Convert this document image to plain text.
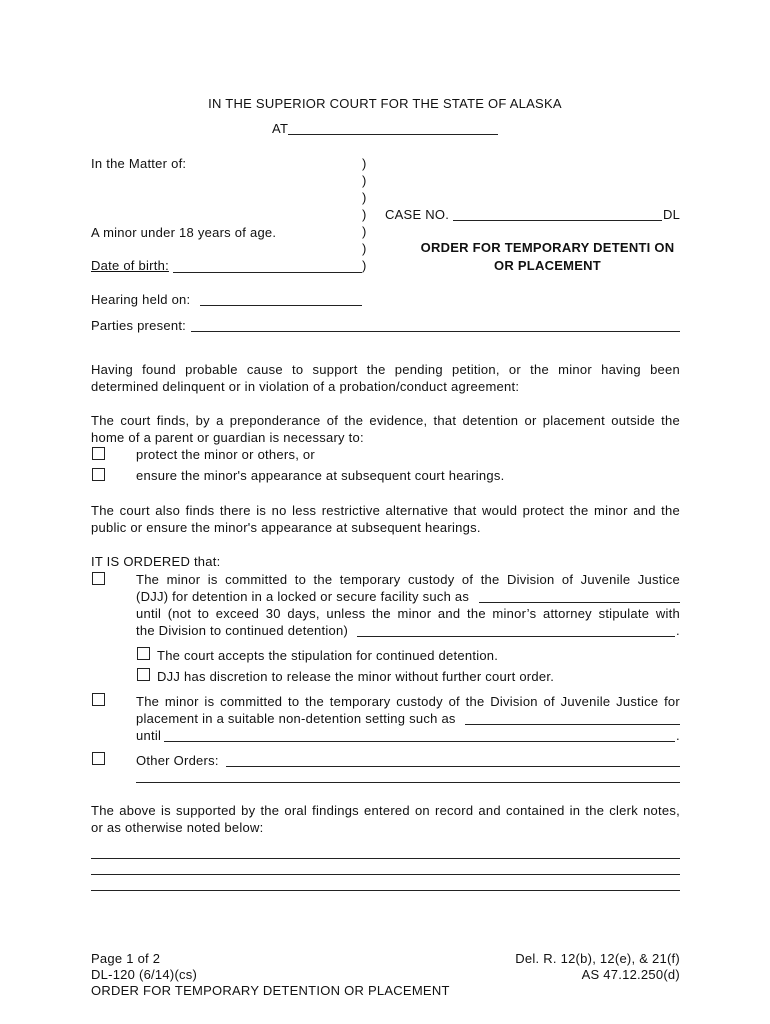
IN THE SUPERIOR COURT FOR THE STATE OF ALASKA
AT
In the Matter of:
A minor under 18 years of age.
Date of birth:
)
)
)
)
)
)
)
CASE NO.	DL
ORDER FOR TEMPORARY DETENTI ON
OR PLACEMENT
Hearing held on:
Parties present:
Having found probable cause to support the pending petition, or the minor having been
determined delinquent or in violation of a probation/conduct agreement:
The court finds, by a preponderance of the evidence, that detention or placement outside the
home of a parent or guardian is necessary to:
protect the minor or others, or
ensure the minor's appearance at subsequent court hearings.
The court also finds there is no less restrictive alternative that would protect the minor and the
public or ensure the minor's appearance at subsequent hearings.
IT IS ORDERED that:
The minor is committed to the temporary custody of the Division of Juvenile Justice
(DJJ) for detention in a locked or secure facility such as
until (not to exceed 30 days, unless the minor and the minor’s attorney stipulate with
the Division to continued detention)	.
The court accepts the stipulation for continued detention.
DJJ has discretion to release the minor without further court order.
The minor is committed to the temporary custody of the Division of Juvenile Justice for
placement in a suitable non-detention setting such as
until	.
Other Orders:
The above is supported by the oral findings entered on record and contained in the clerk notes,
or as otherwise noted below:
Page 1 of 2
DL-120 (6/14)(cs)
ORDER FOR TEMPORARY DETENTION OR PLACEMENT
Del. R. 12(b), 12(e), & 21(f)
AS 47.12.250(d)
